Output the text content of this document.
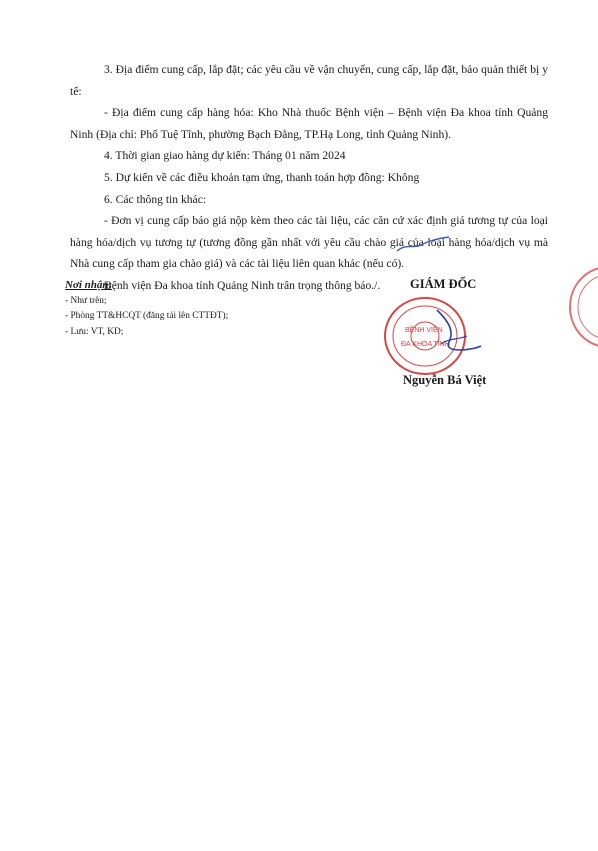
3. Địa điểm cung cấp, lắp đặt; các yêu cầu về vận chuyển, cung cấp, lắp đặt, bảo quản thiết bị y tế:

- Địa điểm cung cấp hàng hóa: Kho Nhà thuốc Bệnh viện – Bệnh viện Đa khoa tỉnh Quảng Ninh (Địa chỉ: Phố Tuệ Tĩnh, phường Bạch Đằng, TP.Hạ Long, tỉnh Quảng Ninh).

4. Thời gian giao hàng dự kiến: Tháng 01 năm 2024

5. Dự kiến về các điều khoản tạm ứng, thanh toán hợp đồng: Không

6. Các thông tin khác:

- Đơn vị cung cấp báo giá nộp kèm theo các tài liệu, các căn cứ xác định giá tương tự của loại hàng hóa/dịch vụ tương tự (tương đồng gần nhất với yêu cầu chào giá của loại hàng hóa/dịch vụ mà Nhà cung cấp tham gia chào giá) và các tài liệu liên quan khác (nếu có).

Bệnh viện Đa khoa tỉnh Quảng Ninh trân trọng thông báo./.

Nơi nhận:
- Như trên;
- Phòng TT&HCQT (đăng tải lên CTTĐT);
- Lưu: VT, KD;
GIÁM ĐỐC
BỆNH VIỆN
ĐA KHOA TỈNH
Nguyễn Bá Việt
